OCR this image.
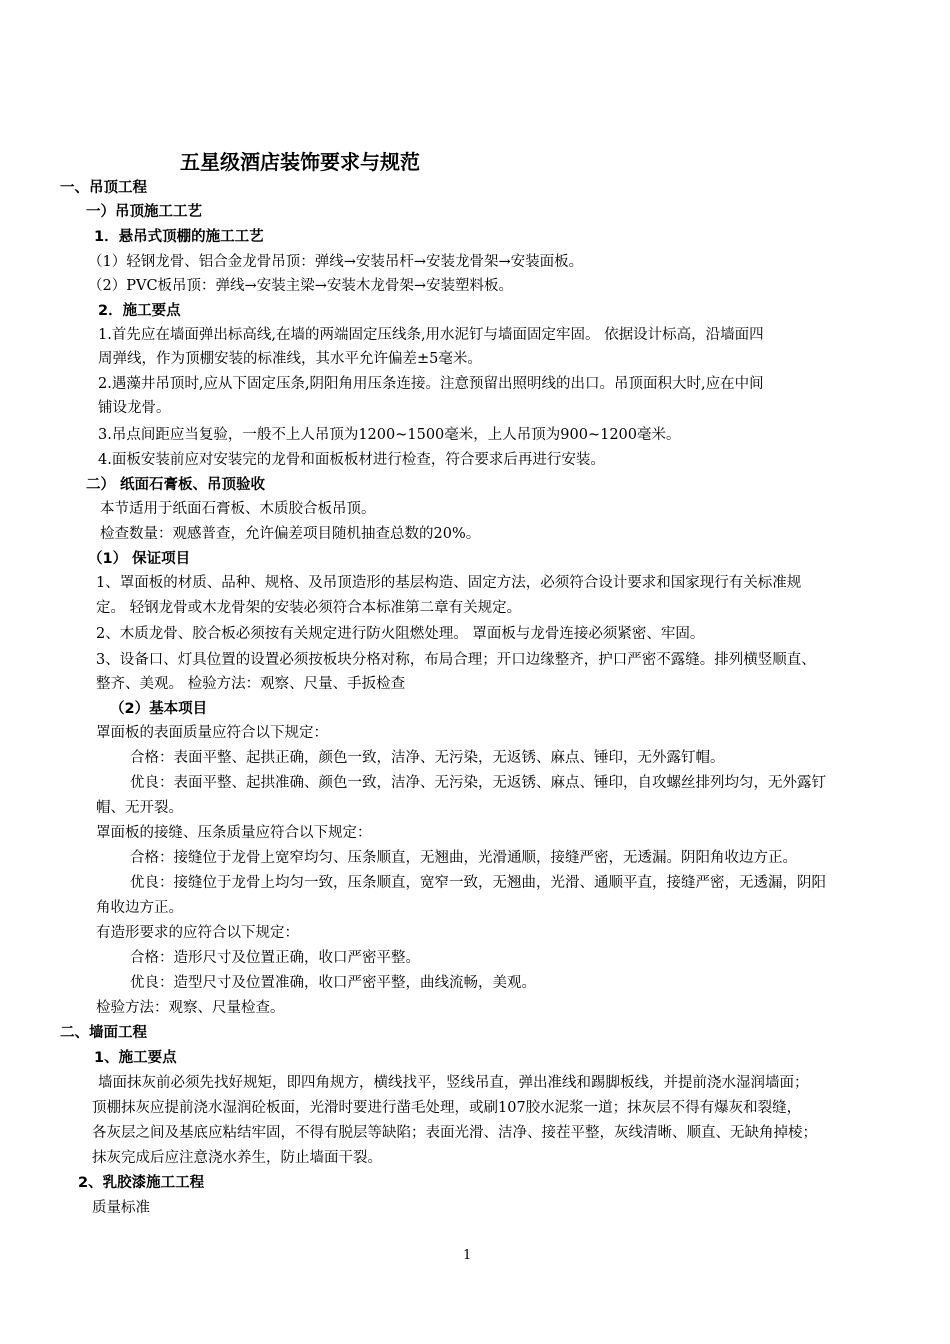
五星级酒店装饰要求与规范
一、吊顶工程
一）吊顶施工工艺
1．悬吊式顶棚的施工工艺
（1）轻钢龙骨、铝合金龙骨吊顶：弹线→安装吊杆→安装龙骨架→安装面板。
（2）PVC板吊顶：弹线→安装主梁→安装木龙骨架→安装塑料板。
2．施工要点
1.首先应在墙面弹出标高线,在墙的两端固定压线条,用水泥钉与墙面固定牢固。 依据设计标高，沿墙面四
周弹线，作为顶棚安装的标准线，其水平允许偏差±5毫米。
2.遇藻井吊顶时,应从下固定压条,阴阳角用压条连接。注意预留出照明线的出口。吊顶面积大时,应在中间
铺设龙骨。
3.吊点间距应当复验，一般不上人吊顶为1200~1500毫米，上人吊顶为900~1200毫米。
4.面板安装前应对安装完的龙骨和面板板材进行检查，符合要求后再进行安装。
二） 纸面石膏板、吊顶验收
本节适用于纸面石膏板、木质胶合板吊顶。
检查数量：观感普查，允许偏差项目随机抽查总数的20%。
（1） 保证项目
1、罩面板的材质、品种、规格、及吊顶造形的基层构造、固定方法，必须符合设计要求和国家现行有关标准规
定。 轻钢龙骨或木龙骨架的安装必须符合本标准第二章有关规定。
2、木质龙骨、胶合板必须按有关规定进行防火阻燃处理。 罩面板与龙骨连接必须紧密、牢固。
3、设备口、灯具位置的设置必须按板块分格对称，布局合理；开口边缘整齐，护口严密不露缝。排列横竖顺直、
整齐、美观。 检验方法：观察、尺量、手扳检查
（2）基本项目
罩面板的表面质量应符合以下规定：
合格：表面平整、起拱正确，颜色一致，洁净、无污染，无返锈、麻点、锤印，无外露钉帽。
优良：表面平整、起拱准确、颜色一致，洁净、无污染，无返锈、麻点、锤印，自攻螺丝排列均匀，无外露钉
帽、无开裂。
罩面板的接缝、压条质量应符合以下规定：
合格：接缝位于龙骨上宽窄均匀、压条顺直，无翘曲，光滑通顺，接缝严密，无透漏。阴阳角收边方正。
优良：接缝位于龙骨上均匀一致，压条顺直，宽窄一致，无翘曲，光滑、通顺平直，接缝严密，无透漏，阴阳
角收边方正。
有造形要求的应符合以下规定：
合格：造形尺寸及位置正确，收口严密平整。
优良：造型尺寸及位置准确，收口严密平整，曲线流畅，美观。
检验方法：观察、尺量检查。
二、墙面工程
1、施工要点
墙面抹灰前必须先找好规矩，即四角规方，横线找平，竖线吊直，弹出准线和踢脚板线，并提前浇水湿润墙面；
顶棚抹灰应提前浇水湿润砼板面，光滑时要进行凿毛处理，或刷107胶水泥浆一道；抹灰层不得有爆灰和裂缝，
各灰层之间及基底应粘结牢固，不得有脱层等缺陷；表面光滑、洁净、接茬平整，灰线清晰、顺直、无缺角掉棱；
抹灰完成后应注意浇水养生，防止墙面干裂。
2、乳胶漆施工工程
质量标准
1
